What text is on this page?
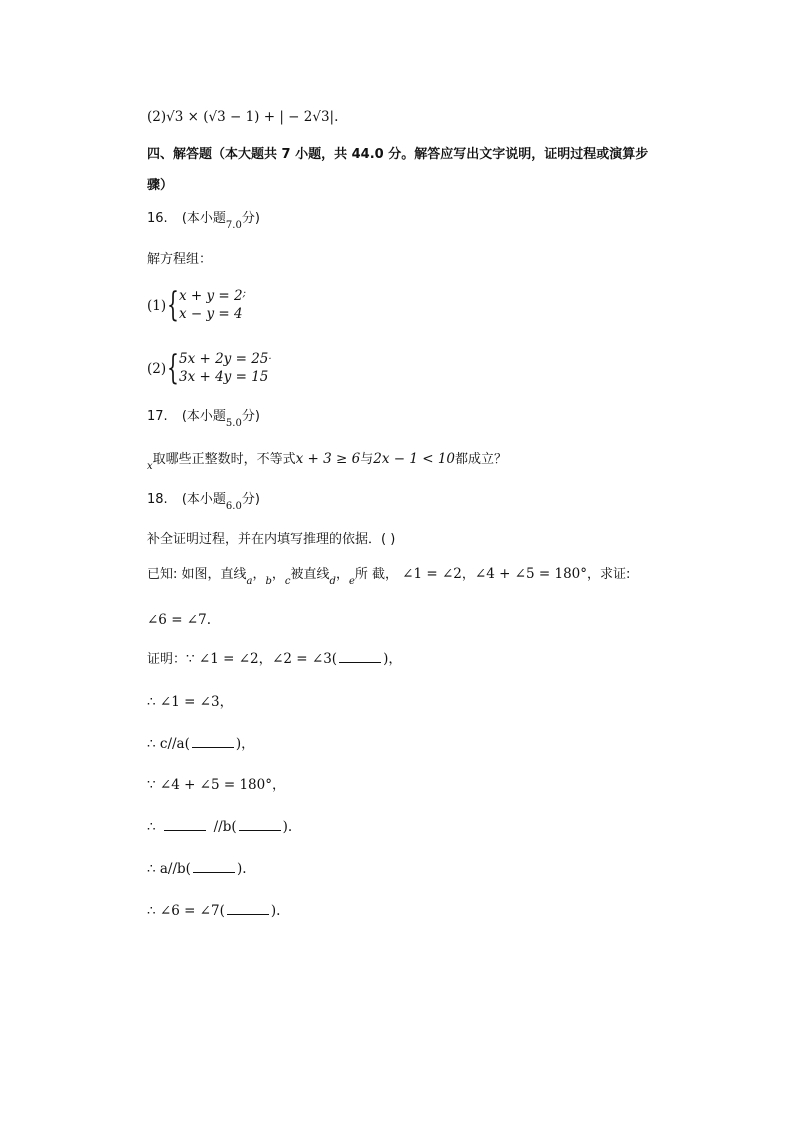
(2)√3 × (√3 − 1) + | − 2√3|.
四、解答题（本大题共 7 小题，共 44.0 分。解答应写出文字说明，证明过程或演算步
骤）
16. (本小题$_{7.0}$分)
解方程组：
(1) { x + y = 2;
x − y = 4
(2) { 5x + 2y = 25.
3x + 4y = 15
17. (本小题$_{5.0}$分)
$_x$取哪些正整数时，不等式x + 3 ≥ 6与2x − 1 < 10都成立？
18. (本小题$_{6.0}$分)
补全证明过程，并在内填写推理的依据．( )
已知: 如图，直线$_a$，$_b$，$_c$被直线$_d$，$_e$所 截， ∠1 = ∠2，∠4 + ∠5 = 180°，求证:
∠6 = ∠7.
证明：∵ ∠1 = ∠2，∠2 = ∠3(	)，
∴ ∠1 = ∠3，
∴ c//a(	)，
∵ ∠4 + ∠5 = 180°，
∴	//b(	).
∴ a//b(	).
∴ ∠6 = ∠7(	).
